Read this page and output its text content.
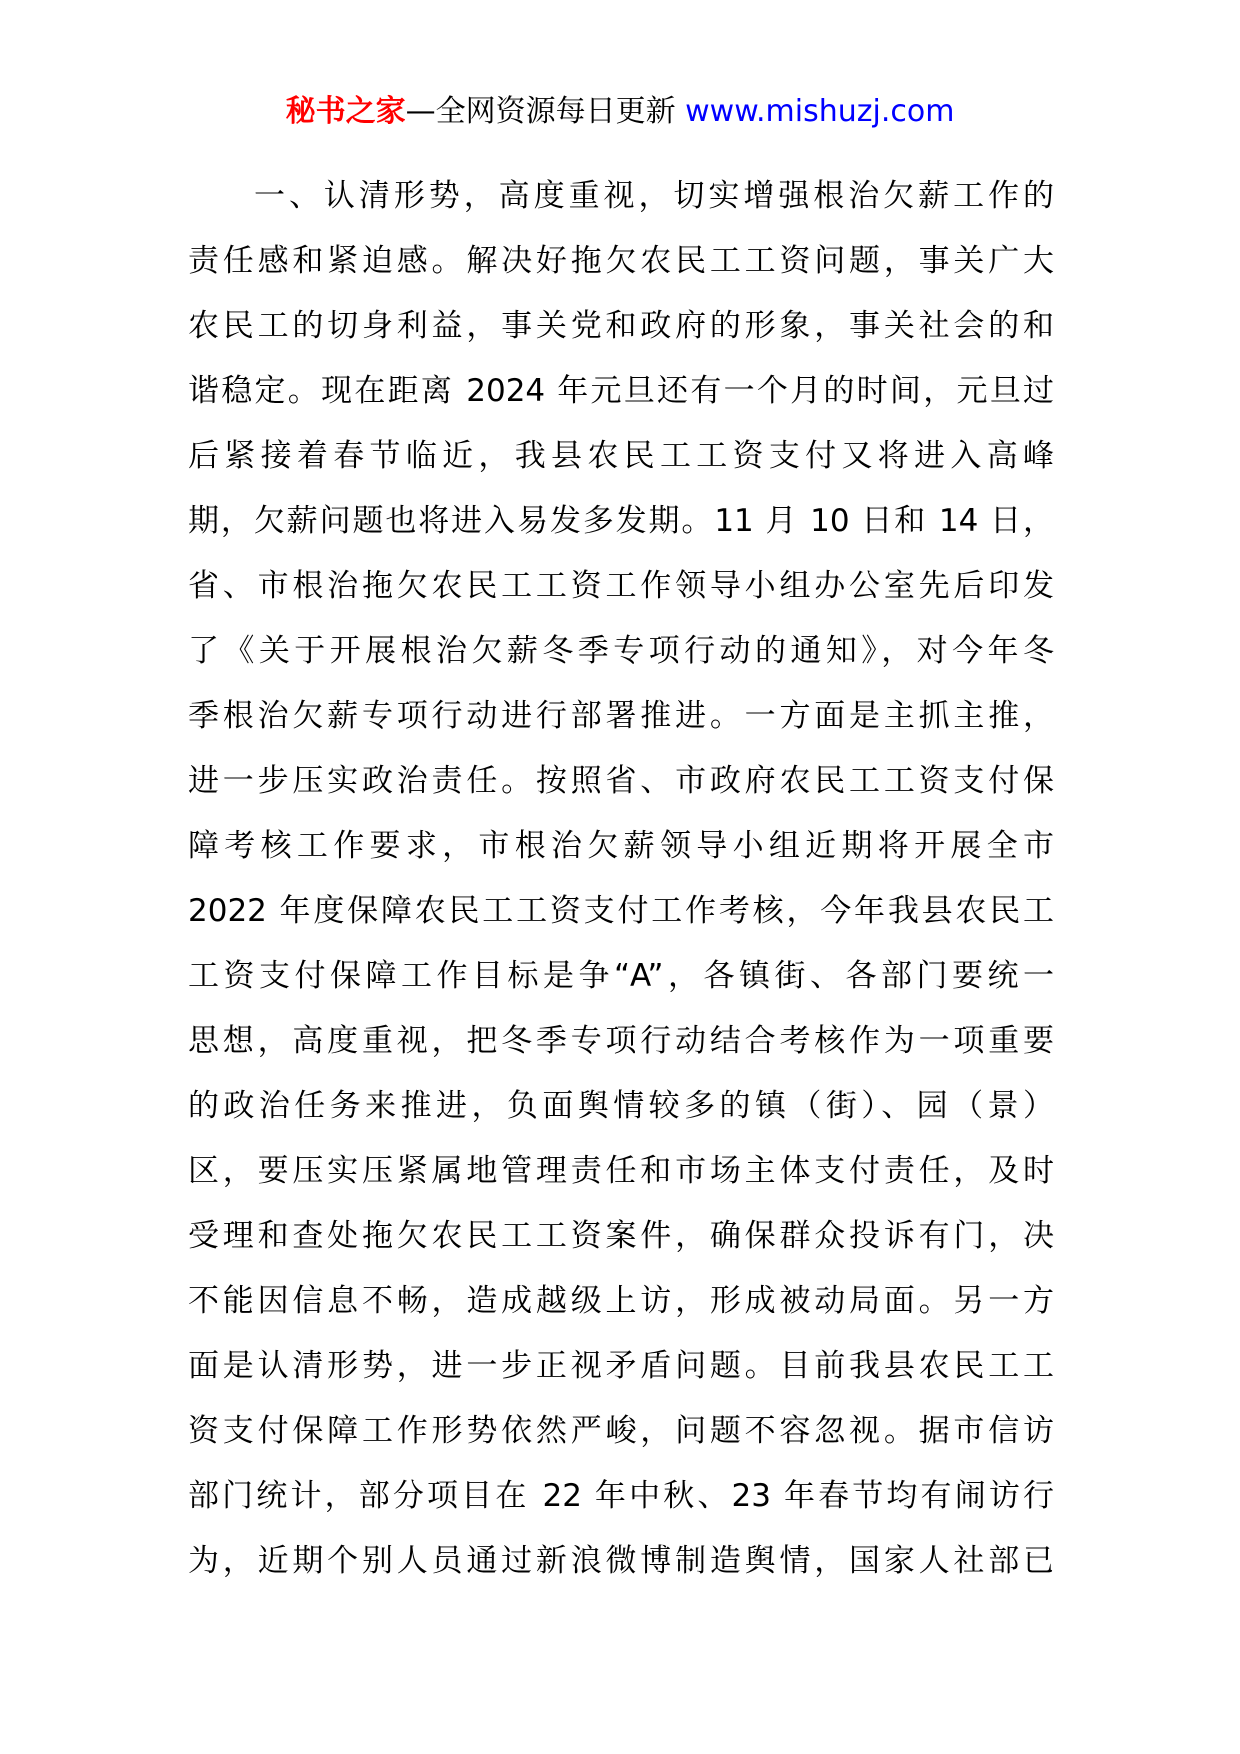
秘书之家—全网资源每日更新 www.mishuzj.com
一、认清形势，高度重视，切实增强根治欠薪工作的
责任感和紧迫感。解决好拖欠农民工工资问题，事关广大
农民工的切身利益，事关党和政府的形象，事关社会的和
谐稳定。现在距离 2024 年元旦还有一个月的时间，元旦过
后紧接着春节临近，我县农民工工资支付又将进入高峰
期，欠薪问题也将进入易发多发期。11 月 10 日和 14 日，
省、市根治拖欠农民工工资工作领导小组办公室先后印发
了《关于开展根治欠薪冬季专项行动的通知》，对今年冬
季根治欠薪专项行动进行部署推进。一方面是主抓主推，
进一步压实政治责任。按照省、市政府农民工工资支付保
障考核工作要求，市根治欠薪领导小组近期将开展全市
2022 年度保障农民工工资支付工作考核，今年我县农民工
工资支付保障工作目标是争“A”，各镇街、各部门要统一
思想，高度重视，把冬季专项行动结合考核作为一项重要
的政治任务来推进，负面舆情较多的镇（街）、园（景）
区，要压实压紧属地管理责任和市场主体支付责任，及时
受理和查处拖欠农民工工资案件，确保群众投诉有门，决
不能因信息不畅，造成越级上访，形成被动局面。另一方
面是认清形势，进一步正视矛盾问题。目前我县农民工工
资支付保障工作形势依然严峻，问题不容忽视。据市信访
部门统计，部分项目在 22 年中秋、23 年春节均有闹访行
为，近期个别人员通过新浪微博制造舆情，国家人社部已
